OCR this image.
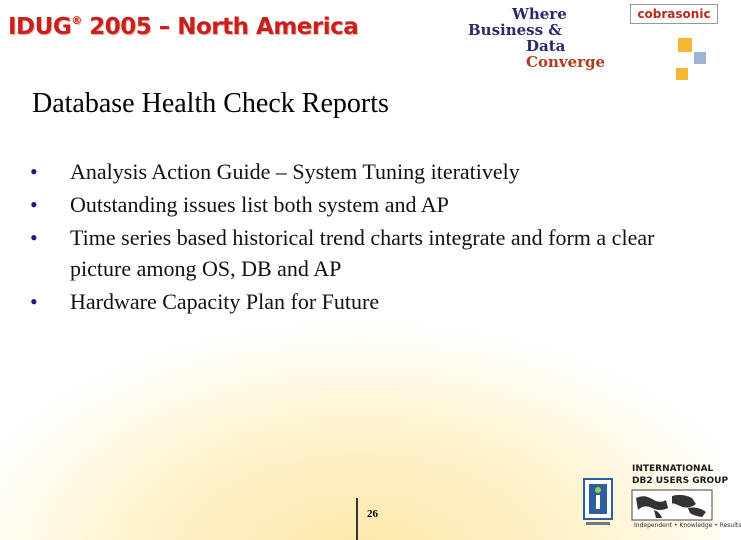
IDUG® 2005 – North America	Where
Business &
Data Converge
cobrasonic
Database Health Check Reports
•	Analysis Action Guide – System Tuning iteratively
•	Outstanding issues list both system and AP
•	Time series based historical trend charts integrate and form a clear picture among OS, DB and AP
•	Hardware Capacity Plan for Future
26
INTERNATIONAL
DB2 USERS GROUP
Independent • Knowledge • Results
